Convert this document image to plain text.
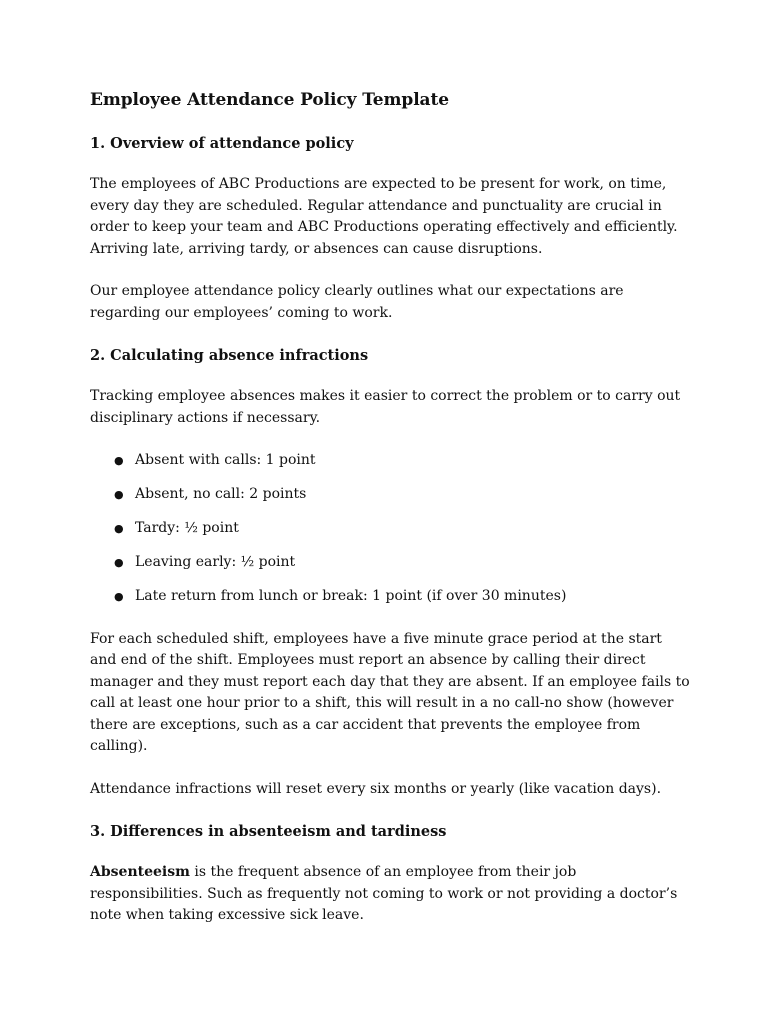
Employee Attendance Policy Template
1. Overview of attendance policy

The employees of ABC Productions are expected to be present for work, on time, every day they are scheduled. Regular attendance and punctuality are crucial in order to keep your team and ABC Productions operating effectively and efficiently. Arriving late, arriving tardy, or absences can cause disruptions.

Our employee attendance policy clearly outlines what our expectations are regarding our employees’ coming to work.

2. Calculating absence infractions

Tracking employee absences makes it easier to correct the problem or to carry out disciplinary actions if necessary.

● Absent with calls: 1 point
● Absent, no call: 2 points
● Tardy: ½ point
● Leaving early: ½ point
● Late return from lunch or break: 1 point (if over 30 minutes)

For each scheduled shift, employees have a five minute grace period at the start and end of the shift. Employees must report an absence by calling their direct manager and they must report each day that they are absent. If an employee fails to call at least one hour prior to a shift, this will result in a no call-no show (however there are exceptions, such as a car accident that prevents the employee from calling).

Attendance infractions will reset every six months or yearly (like vacation days).

3. Differences in absenteeism and tardiness

Absenteeism is the frequent absence of an employee from their job responsibilities. Such as frequently not coming to work or not providing a doctor’s note when taking excessive sick leave.
